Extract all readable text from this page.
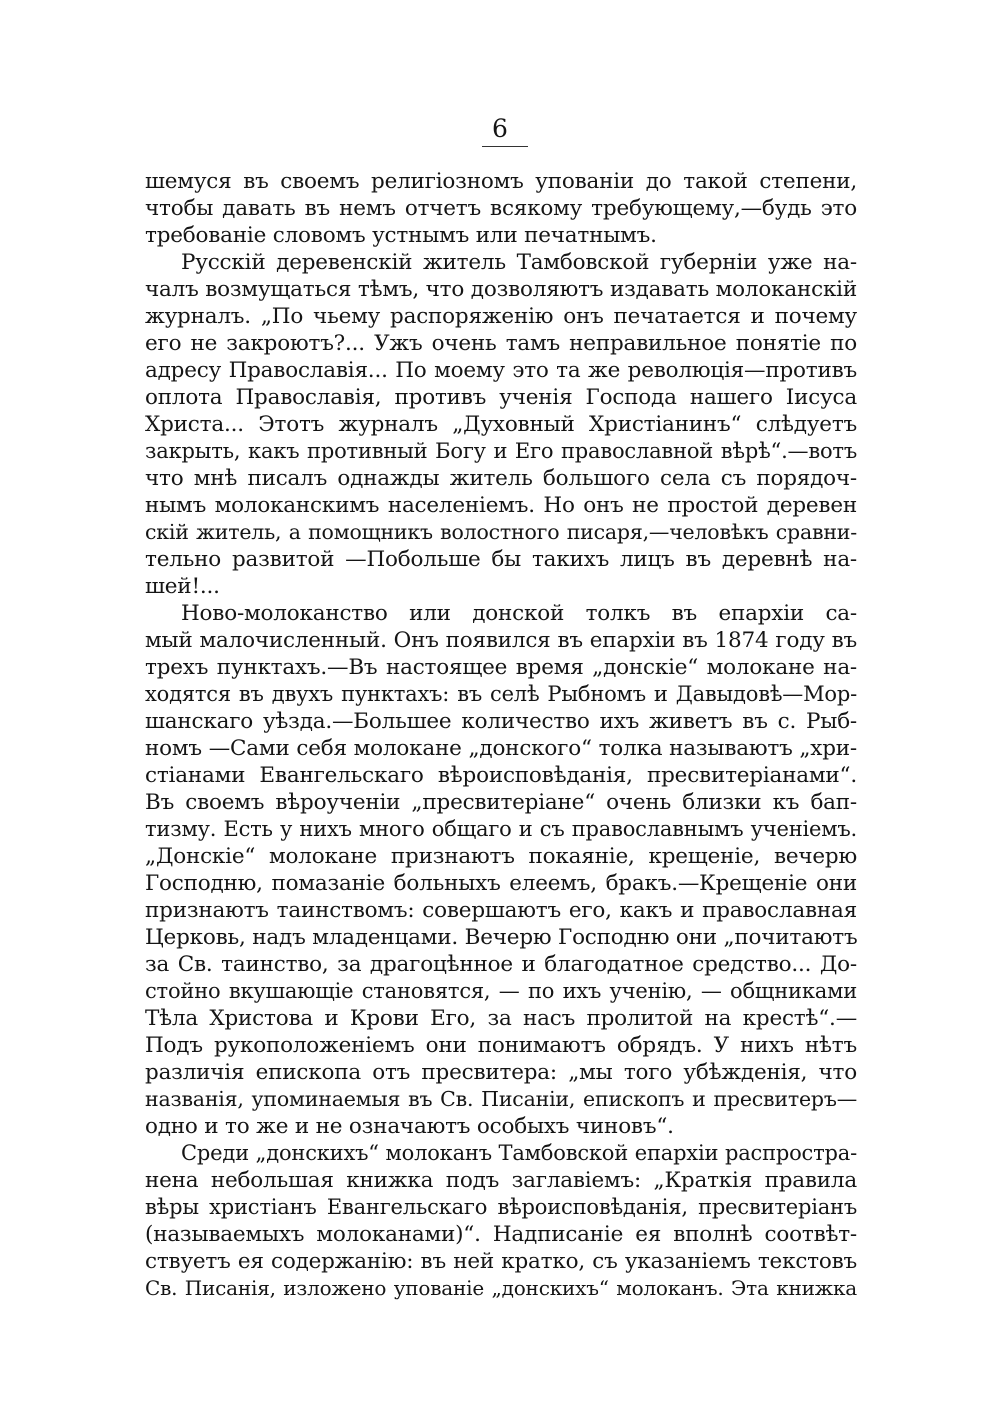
6
шемуся въ своемъ религіозномъ упованіи до такой степени,
чтобы давать въ немъ отчетъ всякому требующему,—будь это
требованіе словомъ устнымъ или печатнымъ.
Русскій деревенскій житель Тамбовской губерніи уже на-
чалъ возмущаться тѣмъ, что дозволяютъ издавать молоканскій
журналъ. „По чьему распоряженію онъ печатается и почему
его не закроютъ?... Ужъ очень тамъ неправильное понятіе по
адресу Православія... По моему это та же революція—противъ
оплота Православія, противъ ученія Господа нашего Іисуса
Христа... Этотъ журналъ „Духовный Христіанинъ“ слѣдуетъ
закрыть, какъ противный Богу и Его православной вѣрѣ“.—вотъ
что мнѣ писалъ однажды житель большого села съ порядоч-
нымъ молоканскимъ населеніемъ. Но онъ не простой деревен
скій житель, а помощникъ волостного писаря,—человѣкъ сравни-
тельно развитой —Побольше бы такихъ лицъ въ деревнѣ на-
шей!...
Ново-молоканство или донской толкъ въ епархіи са-
мый малочисленный. Онъ появился въ епархіи въ 1874 году въ
трехъ пунктахъ.—Въ настоящее время „донскіе“ молокане на-
ходятся въ двухъ пунктахъ: въ селѣ Рыбномъ и Давыдовѣ—Мор-
шанскаго уѣзда.—Большее количество ихъ живетъ въ с. Рыб-
номъ —Сами себя молокане „донского“ толка называютъ „хри-
стіанами Евангельскаго вѣроисповѣданія, пресвитеріанами“.
Въ своемъ вѣроученіи „пресвитеріане“ очень близки къ бап-
тизму. Есть у нихъ много общаго и съ православнымъ ученіемъ.
„Донскіе“ молокане признаютъ покаяніе, крещеніе, вечерю
Господню, помазаніе больныхъ елеемъ, бракъ.—Крещеніе они
признаютъ таинствомъ: совершаютъ его, какъ и православная
Церковь, надъ младенцами. Вечерю Господню они „почитаютъ
за Св. таинство, за драгоцѣнное и благодатное средство... До-
стойно вкушающіе становятся, — по ихъ ученію, — общниками
Тѣла Христова и Крови Его, за насъ пролитой на крестѣ“.—
Подъ рукоположеніемъ они понимаютъ обрядъ. У нихъ нѣтъ
различія епископа отъ пресвитера: „мы того убѣжденія, что
названія, упоминаемыя въ Св. Писаніи, епископъ и пресвитеръ—
одно и то же и не означаютъ особыхъ чиновъ“.
Среди „донскихъ“ молоканъ Тамбовской епархіи распростра-
нена небольшая книжка подъ заглавіемъ: „Краткія правила
вѣры христіанъ Евангельскаго вѣроисповѣданія, пресвитеріанъ
(называемыхъ молоканами)“. Надписаніе ея вполнѣ соотвѣт-
ствуетъ ея содержанію: въ ней кратко, съ указаніемъ текстовъ
Св. Писанія, изложено упованіе „донскихъ“ молоканъ. Эта книжка
